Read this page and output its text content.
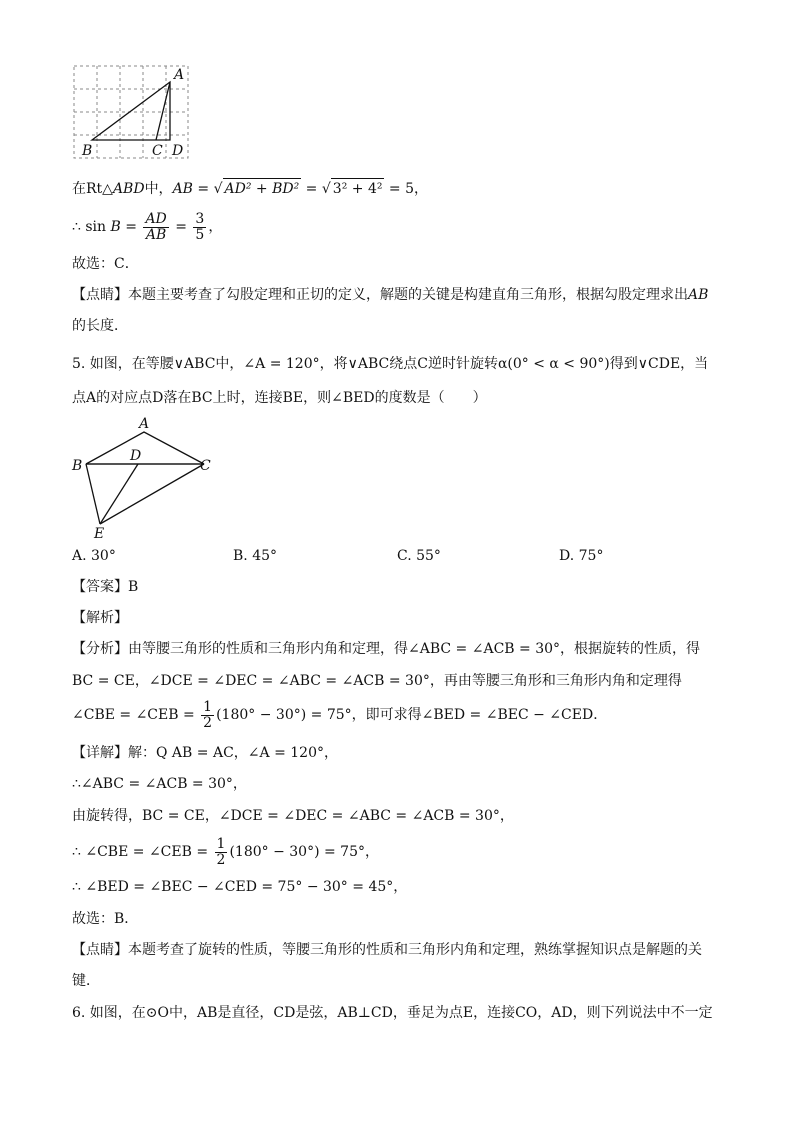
A
B	C D
在Rt△ABD中，AB = √ AD² + BD² = √ 3² + 4² = 5，
∴ $\sin B = \frac{AD}{AB} = \frac{3}{5}$ ，
故选：C．
【点睛】本题主要考查了勾股定理和正切的定义，解题的关键是构建直角三角形，根据勾股定理求出AB
的长度．
5. 如图，在等腰∨ABC中，∠A = 120°，将∨ABC绕点C逆时针旋转α(0° < α < 90°)得到∨CDE，当
点A的对应点D落在BC上时，连接BE，则∠BED的度数是（　　）
A
B
D
C
E
A. 30°	B. 45°	C. 55°	D. 75°
【答案】B
【解析】
【分析】由等腰三角形的性质和三角形内角和定理，得∠ABC = ∠ACB = 30°，根据旋转的性质，得
BC = CE，∠DCE = ∠DEC = ∠ABC = ∠ACB = 30°，再由等腰三角形和三角形内角和定理得
∠CBE = ∠CEB = $\frac{1}{2} (180^\circ - 30^\circ) = 75^\circ$，即可求得∠BED = ∠BEC − ∠CED．
【详解】解：Q AB = AC，∠A = 120°，
∴∠ABC = ∠ACB = 30°，
由旋转得，BC = CE，∠DCE = ∠DEC = ∠ABC = ∠ACB = 30°，
∴ ∠CBE = ∠CEB = $\frac{1}{2} (180^\circ - 30^\circ) = 75^\circ$，
∴ ∠BED = ∠BEC − ∠CED = 75° − 30° = 45°，
故选：B．
【点睛】本题考查了旋转的性质，等腰三角形的性质和三角形内角和定理，熟练掌握知识点是解题的关
键．
6. 如图，在⊙O中，AB是直径，CD是弦，AB⊥CD，垂足为点E，连接CO，AD，则下列说法中不一定
